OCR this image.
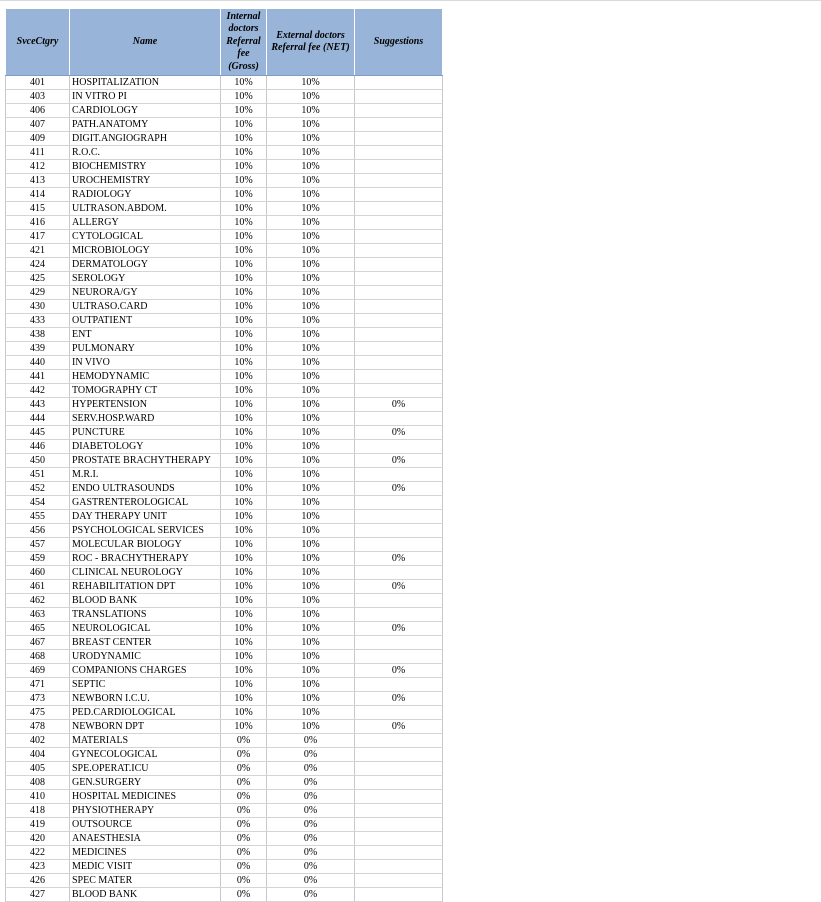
SvceCtgry	Name	Internal doctors Referral fee (Gross)	External doctors Referral fee (NET)	Suggestions
401	HOSPITALIZATION	10%	10%	
403	IN VITRO PI	10%	10%	
406	CARDIOLOGY	10%	10%	
407	PATH.ANATOMY	10%	10%	
409	DIGIT.ANGIOGRAPH	10%	10%	
411	R.O.C.	10%	10%	
412	BIOCHEMISTRY	10%	10%	
413	UROCHEMISTRY	10%	10%	
414	RADIOLOGY	10%	10%	
415	ULTRASON.ABDOM.	10%	10%	
416	ALLERGY	10%	10%	
417	CYTOLOGICAL	10%	10%	
421	MICROBIOLOGY	10%	10%	
424	DERMATOLOGY	10%	10%	
425	SEROLOGY	10%	10%	
429	NEURORA/GY	10%	10%	
430	ULTRASO.CARD	10%	10%	
433	OUTPATIENT	10%	10%	
438	ENT	10%	10%	
439	PULMONARY	10%	10%	
440	IN VIVO	10%	10%	
441	HEMODYNAMIC	10%	10%	
442	TOMOGRAPHY CT	10%	10%	
443	HYPERTENSION	10%	10%	0%
444	SERV.HOSP.WARD	10%	10%	
445	PUNCTURE	10%	10%	0%
446	DIABETOLOGY	10%	10%	
450	PROSTATE BRACHYTHERAPY	10%	10%	0%
451	M.R.I.	10%	10%	
452	ENDO ULTRASOUNDS	10%	10%	0%
454	GASTRENTEROLOGICAL	10%	10%	
455	DAY THERAPY UNIT	10%	10%	
456	PSYCHOLOGICAL SERVICES	10%	10%	
457	MOLECULAR BIOLOGY	10%	10%	
459	ROC - BRACHYTHERAPY	10%	10%	0%
460	CLINICAL NEUROLOGY	10%	10%	
461	REHABILITATION DPT	10%	10%	0%
462	BLOOD BANK	10%	10%	
463	TRANSLATIONS	10%	10%	
465	NEUROLOGICAL	10%	10%	0%
467	BREAST CENTER	10%	10%	
468	URODYNAMIC	10%	10%	
469	COMPANIONS CHARGES	10%	10%	0%
471	SEPTIC	10%	10%	
473	NEWBORN I.C.U.	10%	10%	0%
475	PED.CARDIOLOGICAL	10%	10%	
478	NEWBORN DPT	10%	10%	0%
402	MATERIALS	0%	0%	
404	GYNECOLOGICAL	0%	0%	
405	SPE.OPERAT.ICU	0%	0%	
408	GEN.SURGERY	0%	0%	
410	HOSPITAL MEDICINES	0%	0%	
418	PHYSIOTHERAPY	0%	0%	
419	OUTSOURCE	0%	0%	
420	ANAESTHESIA	0%	0%	
422	MEDICINES	0%	0%	
423	MEDIC VISIT	0%	0%	
426	SPEC MATER	0%	0%	
427	BLOOD BANK	0%	0%	
